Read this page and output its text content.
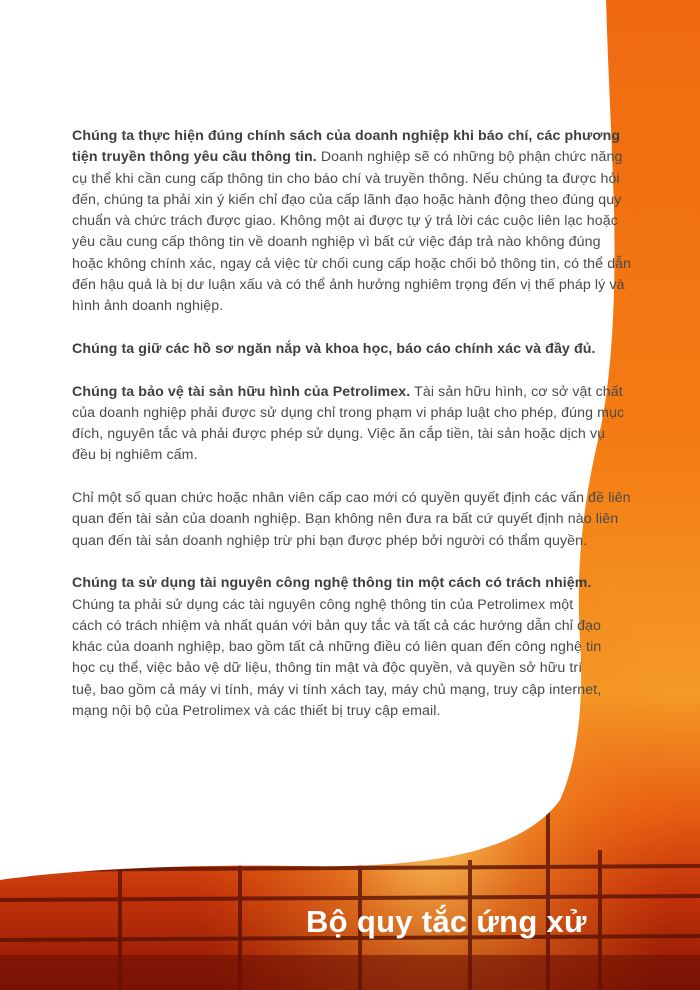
Chúng ta thực hiện đúng chính sách của doanh nghiệp khi báo chí, các phương tiện truyền thông yêu cầu thông tin. Doanh nghiệp sẽ có những bộ phận chức năng cụ thể khi cần cung cấp thông tin cho báo chí và truyền thông. Nếu chúng ta được hỏi đến, chúng ta phải xin ý kiến chỉ đạo của cấp lãnh đạo hoặc hành động theo đúng quy chuẩn và chức trách được giao. Không một ai được tự ý trả lời các cuộc liên lạc hoặc yêu cầu cung cấp thông tin về doanh nghiệp vì bất cứ việc đáp trả nào không đúng hoặc không chính xác, ngay cả việc từ chối cung cấp hoặc chối bỏ thông tin, có thể dẫn đến hậu quả là bị dư luận xấu và có thể ảnh hưởng nghiêm trọng đến vị thế pháp lý và hình ảnh doanh nghiệp.

Chúng ta giữ các hồ sơ ngăn nắp và khoa học, báo cáo chính xác và đầy đủ.

Chúng ta bảo vệ tài sản hữu hình của Petrolimex. Tài sản hữu hình, cơ sở vật chất của doanh nghiệp phải được sử dụng chỉ trong phạm vi pháp luật cho phép, đúng mục đích, nguyên tắc và phải được phép sử dụng. Việc ăn cắp tiền, tài sản hoặc dịch vụ đều bị nghiêm cấm.

Chỉ một số quan chức hoặc nhân viên cấp cao mới có quyền quyết định các vấn đề liên quan đến tài sản của doanh nghiệp. Bạn không nên đưa ra bất cứ quyết định nào liên quan đến tài sản doanh nghiệp trừ phi bạn được phép bởi người có thẩm quyền.

Chúng ta sử dụng tài nguyên công nghệ thông tin một cách có trách nhiệm. Chúng ta phải sử dụng các tài nguyên công nghệ thông tin của Petrolimex một cách có trách nhiệm và nhất quán với bản quy tắc và tất cả các hướng dẫn chỉ đạo khác của doanh nghiệp, bao gồm tất cả những điều có liên quan đến công nghệ tin học cụ thể, việc bảo vệ dữ liệu, thông tin mật và độc quyền, và quyền sở hữu trí tuệ, bao gồm cả máy vi tính, máy vi tính xách tay, máy chủ mạng, truy cập internet, mạng nội bộ của Petrolimex và các thiết bị truy cập email.

Bộ quy tắc ứng xử
